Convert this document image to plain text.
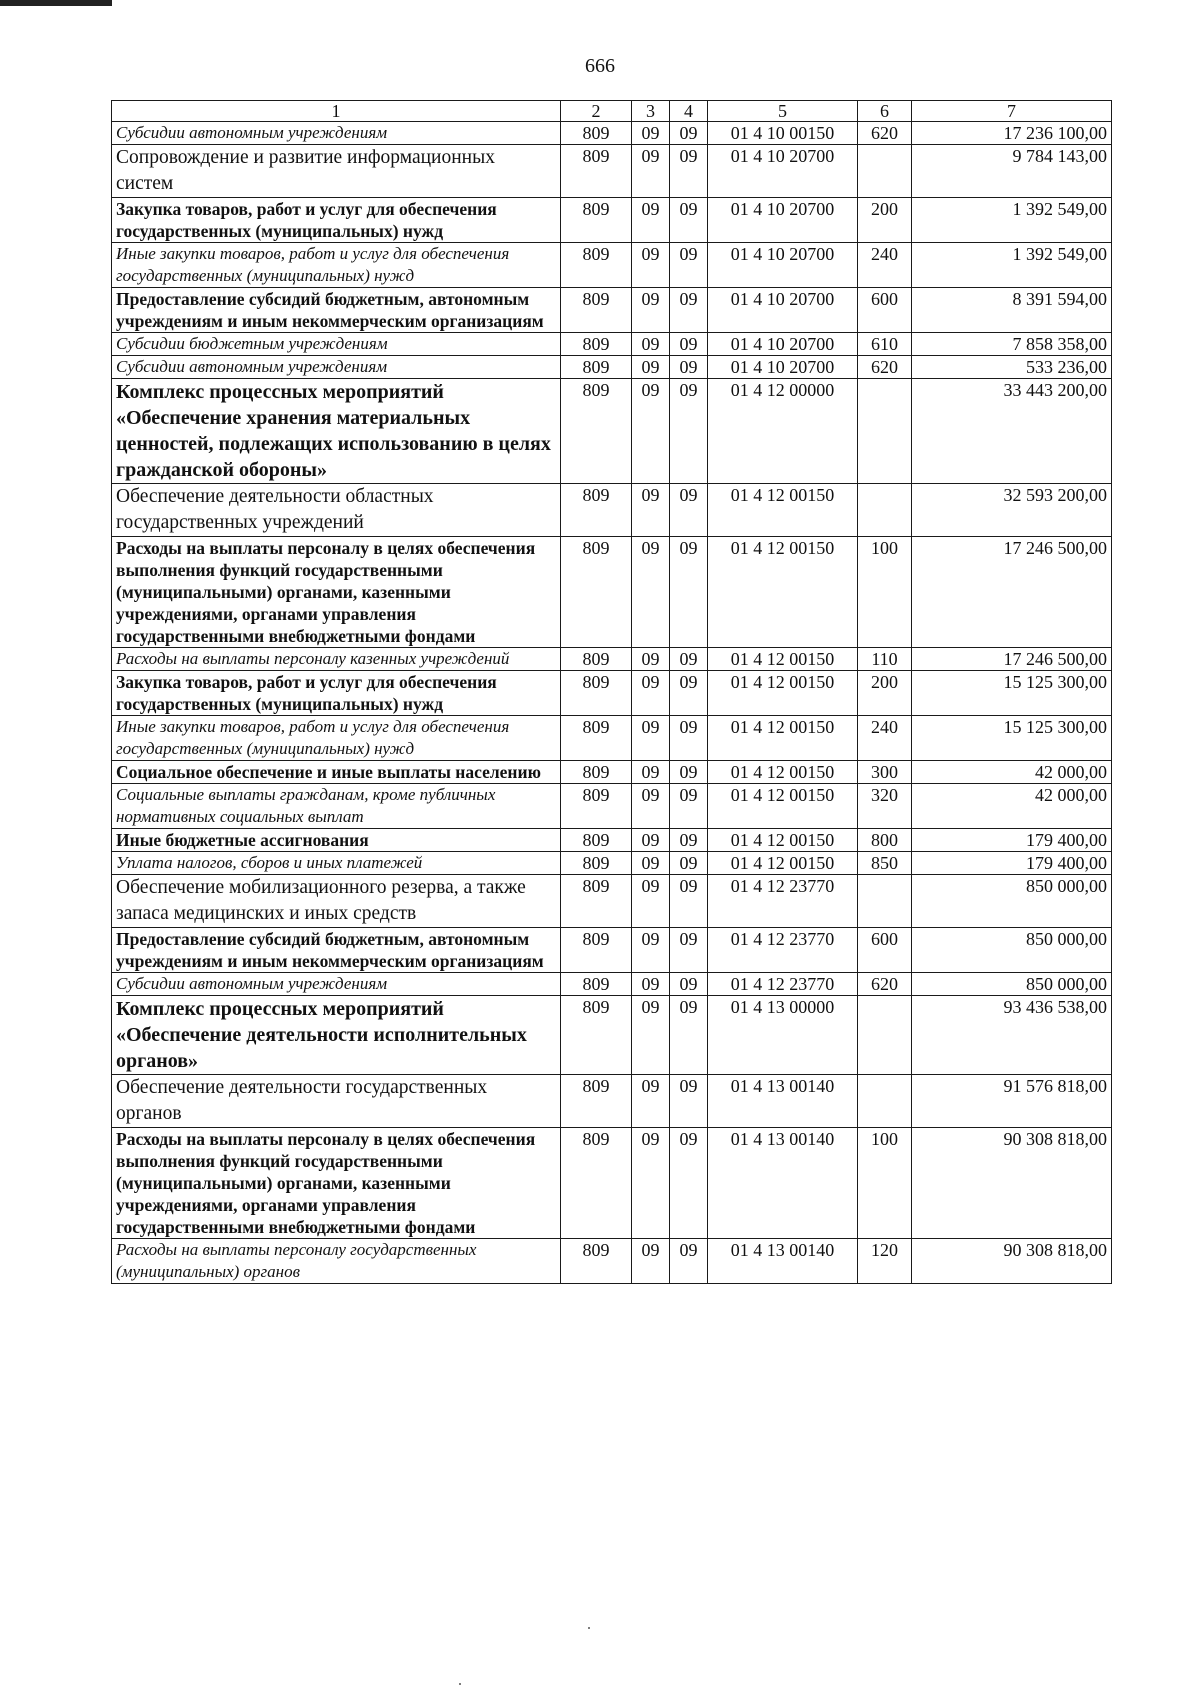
666
1	2	3	4	5	6	7
Субсидии автономным учреждениям	809	09	09	01 4 10 00150	620	17 236 100,00
Сопровождение и развитие информационных систем	809	09	09	01 4 10 20700		9 784 143,00
Закупка товаров, работ и услуг для обеспечения государственных (муниципальных) нужд	809	09	09	01 4 10 20700	200	1 392 549,00
Иные закупки товаров, работ и услуг для обеспечения государственных (муниципальных) нужд	809	09	09	01 4 10 20700	240	1 392 549,00
Предоставление субсидий бюджетным, автономным учреждениям и иным некоммерческим организациям	809	09	09	01 4 10 20700	600	8 391 594,00
Субсидии бюджетным учреждениям	809	09	09	01 4 10 20700	610	7 858 358,00
Субсидии автономным учреждениям	809	09	09	01 4 10 20700	620	533 236,00
Комплекс процессных мероприятий «Обеспечение хранения материальных ценностей, подлежащих использованию в целях гражданской обороны»	809	09	09	01 4 12 00000		33 443 200,00
Обеспечение деятельности областных государственных учреждений	809	09	09	01 4 12 00150		32 593 200,00
Расходы на выплаты персоналу в целях обеспечения выполнения функций государственными (муниципальными) органами, казенными учреждениями, органами управления государственными внебюджетными фондами	809	09	09	01 4 12 00150	100	17 246 500,00
Расходы на выплаты персоналу казенных учреждений	809	09	09	01 4 12 00150	110	17 246 500,00
Закупка товаров, работ и услуг для обеспечения государственных (муниципальных) нужд	809	09	09	01 4 12 00150	200	15 125 300,00
Иные закупки товаров, работ и услуг для обеспечения государственных (муниципальных) нужд	809	09	09	01 4 12 00150	240	15 125 300,00
Социальное обеспечение и иные выплаты населению	809	09	09	01 4 12 00150	300	42 000,00
Социальные выплаты гражданам, кроме публичных нормативных социальных выплат	809	09	09	01 4 12 00150	320	42 000,00
Иные бюджетные ассигнования	809	09	09	01 4 12 00150	800	179 400,00
Уплата налогов, сборов и иных платежей	809	09	09	01 4 12 00150	850	179 400,00
Обеспечение мобилизационного резерва, а также запаса медицинских и иных средств	809	09	09	01 4 12 23770		850 000,00
Предоставление субсидий бюджетным, автономным учреждениям и иным некоммерческим организациям	809	09	09	01 4 12 23770	600	850 000,00
Субсидии автономным учреждениям	809	09	09	01 4 12 23770	620	850 000,00
Комплекс процессных мероприятий «Обеспечение деятельности исполнительных органов»	809	09	09	01 4 13 00000		93 436 538,00
Обеспечение деятельности государственных органов	809	09	09	01 4 13 00140		91 576 818,00
Расходы на выплаты персоналу в целях обеспечения выполнения функций государственными (муниципальными) органами, казенными учреждениями, органами управления государственными внебюджетными фондами	809	09	09	01 4 13 00140	100	90 308 818,00
Расходы на выплаты персоналу государственных (муниципальных) органов	809	09	09	01 4 13 00140	120	90 308 818,00
